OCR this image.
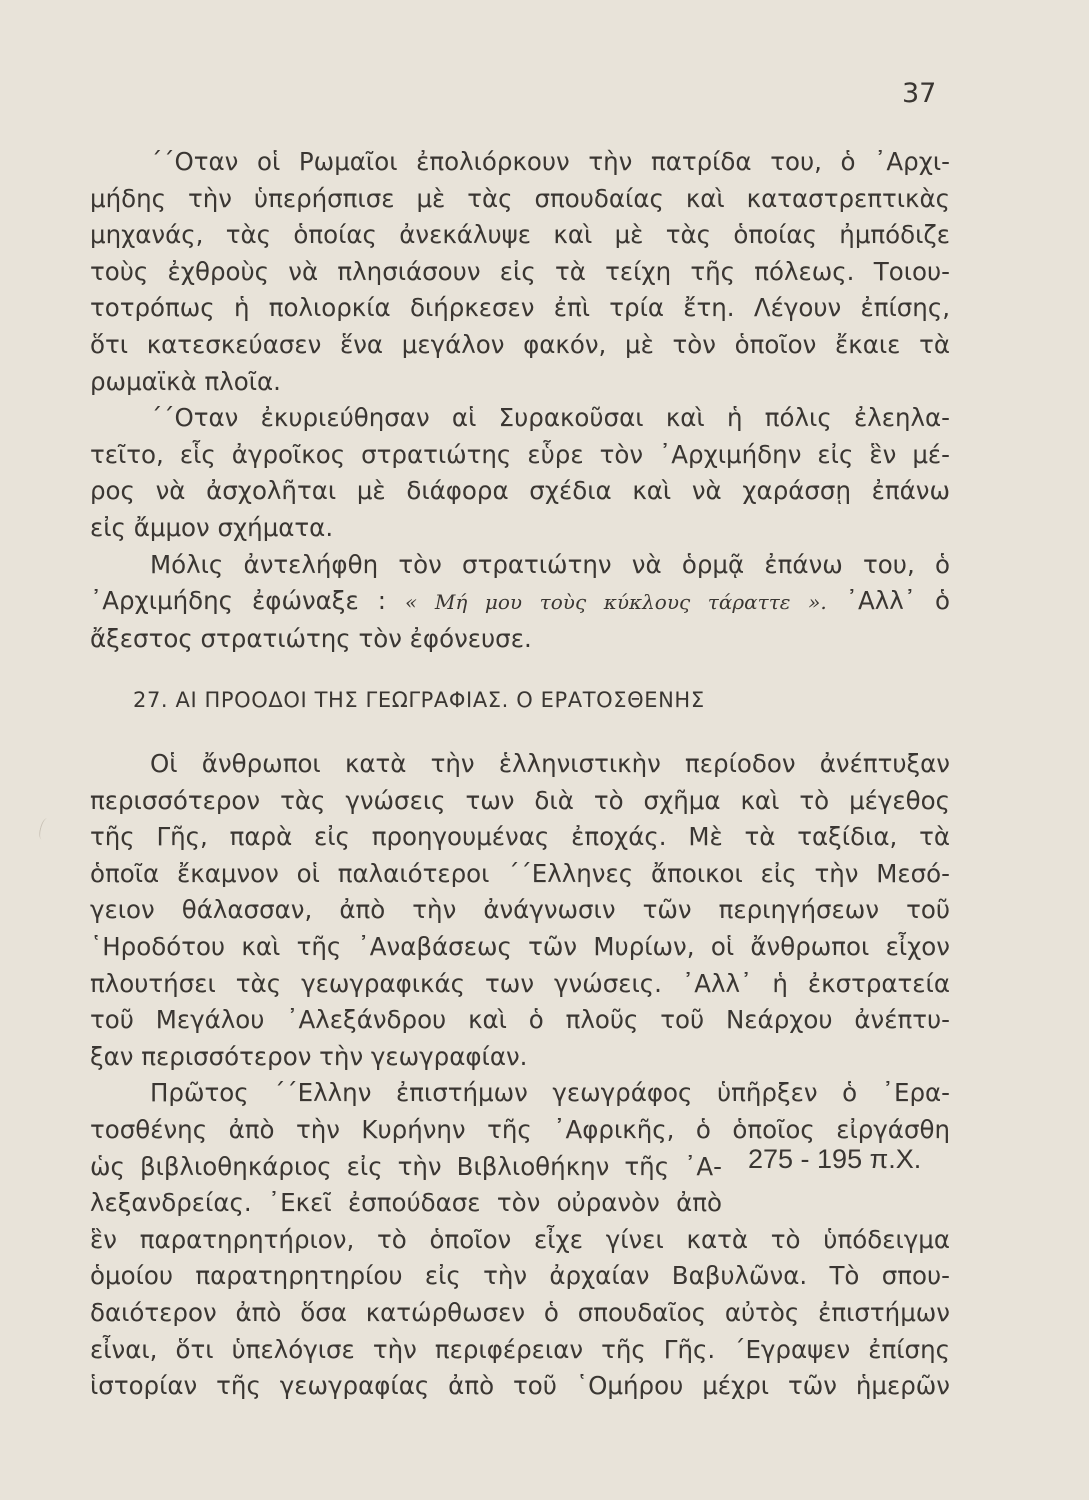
37
΄΄Οταν οἱ Ρωμαῖοι ἐπολιόρκουν τὴν πατρίδα του, ὁ ᾿Αρχι-
μήδης τὴν ὑπερήσπισε μὲ τὰς σπουδαίας καὶ καταστρεπτικὰς
μηχανάς, τὰς ὁποίας ἀνεκάλυψε καὶ μὲ τὰς ὁποίας ἠμπόδιζε
τοὺς ἐχθροὺς νὰ πλησιάσουν εἰς τὰ τείχη τῆς πόλεως. Τοιου-
τοτρόπως ἡ πολιορκία διήρκεσεν ἐπὶ τρία ἔτη. Λέγουν ἐπίσης,
ὅτι κατεσκεύασεν ἕνα μεγάλον φακόν, μὲ τὸν ὁποῖον ἔκαιε τὰ
ρωμαϊκὰ πλοῖα.
΄΄Οταν ἐκυριεύθησαν αἱ Συρακοῦσαι καὶ ἡ πόλις ἐλεηλα-
τεῖτο, εἷς ἀγροῖκος στρατιώτης εὗρε τὸν ᾿Αρχιμήδην εἰς ἓν μέ-
ρος νὰ ἀσχολῆται μὲ διάφορα σχέδια καὶ νὰ χαράσσῃ ἐπάνω
εἰς ἄμμον σχήματα.
Μόλις ἀντελήφθη τὸν στρατιώτην νὰ ὁρμᾷ ἐπάνω του, ὁ
᾿Αρχιμήδης ἐφώναξε : « Μή μου τοὺς κύκλους τάραττε ». ᾿Αλλ᾿ ὁ
ἄξεστος στρατιώτης τὸν ἐφόνευσε.
27. ΑΙ ΠΡΟΟΔΟΙ ΤΗΣ ΓΕΩΓΡΑΦΙΑΣ. Ο ΕΡΑΤΟΣΘΕΝΗΣ
Οἱ ἄνθρωποι κατὰ τὴν ἑλληνιστικὴν περίοδον ἀνέπτυξαν
περισσότερον τὰς γνώσεις των διὰ τὸ σχῆμα καὶ τὸ μέγεθος
τῆς Γῆς, παρὰ εἰς προηγουμένας ἐποχάς. Μὲ τὰ ταξίδια, τὰ
ὁποῖα ἔκαμνον οἱ παλαιότεροι ΄΄Ελληνες ἄποικοι εἰς τὴν Μεσό-
γειον θάλασσαν, ἀπὸ τὴν ἀνάγνωσιν τῶν περιηγήσεων τοῦ
῾Ηροδότου καὶ τῆς ᾿Αναβάσεως τῶν Μυρίων, οἱ ἄνθρωποι εἶχον
πλουτήσει τὰς γεωγραφικάς των γνώσεις. ᾿Αλλ᾿ ἡ ἐκστρατεία
τοῦ Μεγάλου ᾿Αλεξάνδρου καὶ ὁ πλοῦς τοῦ Νεάρχου ἀνέπτυ-
ξαν περισσότερον τὴν γεωγραφίαν.
Πρῶτος ΄΄Ελλην ἐπιστήμων γεωγράφος ὑπῆρξεν ὁ ᾿Ερα-
τοσθένης ἀπὸ τὴν Κυρήνην τῆς ᾿Αφρικῆς, ὁ ὁποῖος εἰργάσθη
ὡς βιβλιοθηκάριος εἰς τὴν Βιβλιοθήκην τῆς ᾿Α-
λεξανδρείας. ᾿Εκεῖ ἐσπούδασε τὸν οὐρανὸν ἀπὸ
ἓν παρατηρητήριον, τὸ ὁποῖον εἶχε γίνει κατὰ τὸ ὑπόδειγμα
ὁμοίου παρατηρητηρίου εἰς τὴν ἀρχαίαν Βαβυλῶνα. Τὸ σπου-
δαιότερον ἀπὸ ὅσα κατώρθωσεν ὁ σπουδαῖος αὐτὸς ἐπιστήμων
εἶναι, ὅτι ὑπελόγισε τὴν περιφέρειαν τῆς Γῆς. ΄Εγραψεν ἐπίσης
ἱστορίαν τῆς γεωγραφίας ἀπὸ τοῦ ῾Ομήρου μέχρι τῶν ἡμερῶν
275 - 195 π.Χ.
